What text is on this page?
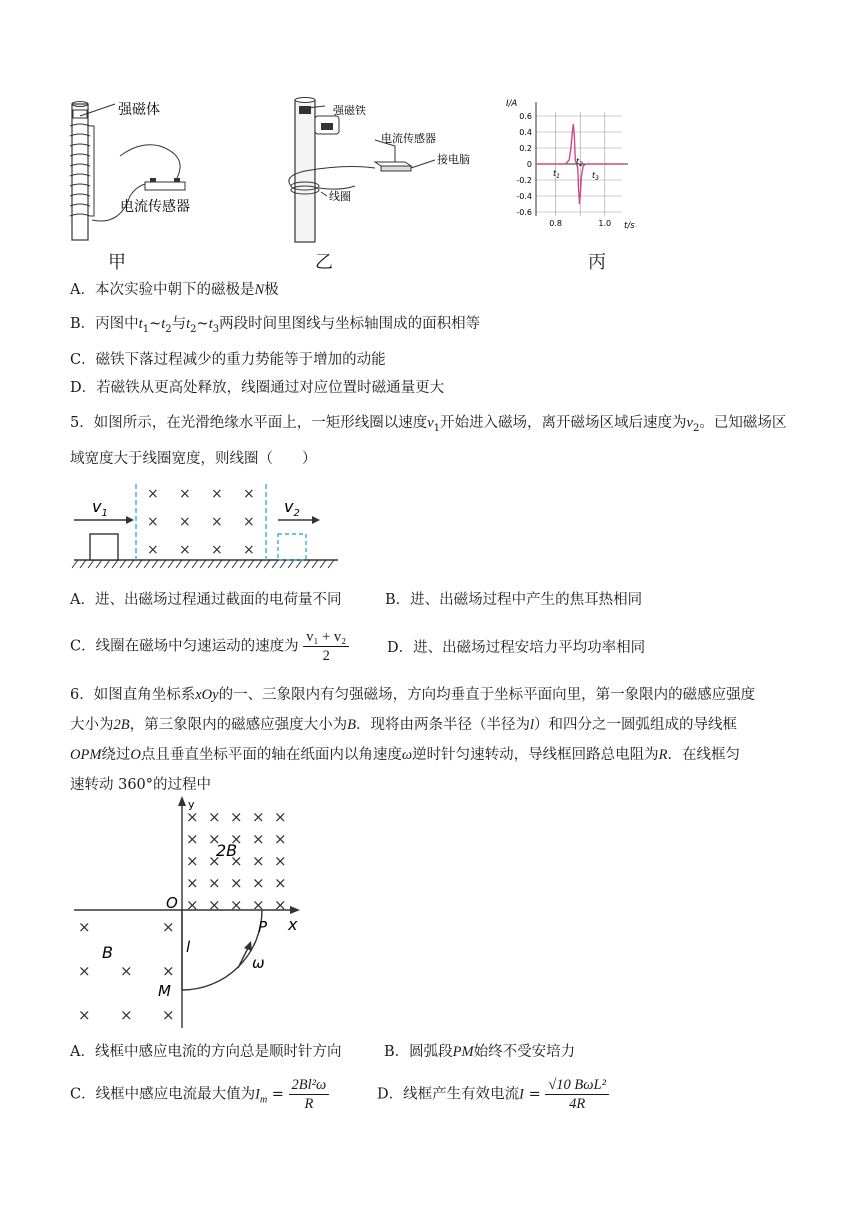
强磁体
电流传感器
甲
强磁铁
电流传感器
接电脑
线圈
乙
0.6
0.4
0.2
0
-0.2
-0.4
-0.6
0.8	1.0
I/A
t/s
$t_1$
$t_2$
$t_3$
丙
A．本次实验中朝下的磁极是N极
B．丙图中$t_1\sim t_2$与$t_2\sim t_3$两段时间里图线与坐标轴围成的面积相等
C．磁铁下落过程减少的重力势能等于增加的动能
D．若磁铁从更高处释放，线圈通过对应位置时磁通量更大
5．如图所示，在光滑绝缘水平面上，一矩形线圈以速度$v_1$开始进入磁场，离开磁场区域后速度为$v_2$。已知磁场区域宽度大于线圈宽度，则线圈（　　）
$v_1$
×
×
×
×
×
×
×
×
×
×
×
×
$v_2$
A．进、出磁场过程通过截面的电荷量不同	B．进、出磁场过程中产生的焦耳热相同
C．线圈在磁场中匀速运动的速度为 $\frac{\text{v₁ + v₂}}{2}$	D．进、出磁场过程安培力平均功率相同
6．如图直角坐标系xOy的一、三象限内有匀强磁场，方向均垂直于坐标平面向里，第一象限内的磁感应强度
大小为2B，第三象限内的磁感应强度大小为B．现将由两条半径（半径为l）和四分之一圆弧组成的导线框
OPM绕过O点且垂直坐标平面的轴在纸面内以角速度ω逆时针匀速转动，导线框回路总电阻为R．在线框匀
速转动 360°的过程中
y
x
× × × × ×
× × × × ×
× × × × ×
× × × × ×
× × × × ×
×	×
× × ×
× × ×
O
P
M
l
ω
2B
B
A．线框中感应电流的方向总是顺时针方向	B．圆弧段PM始终不受安培力
C．线框中感应电流最大值为$I_m = \frac{\text{2Bl²ω}}{R}$	D．线框产生有效电流$I = \frac{\text{√10 BωL²}}{4R}$
